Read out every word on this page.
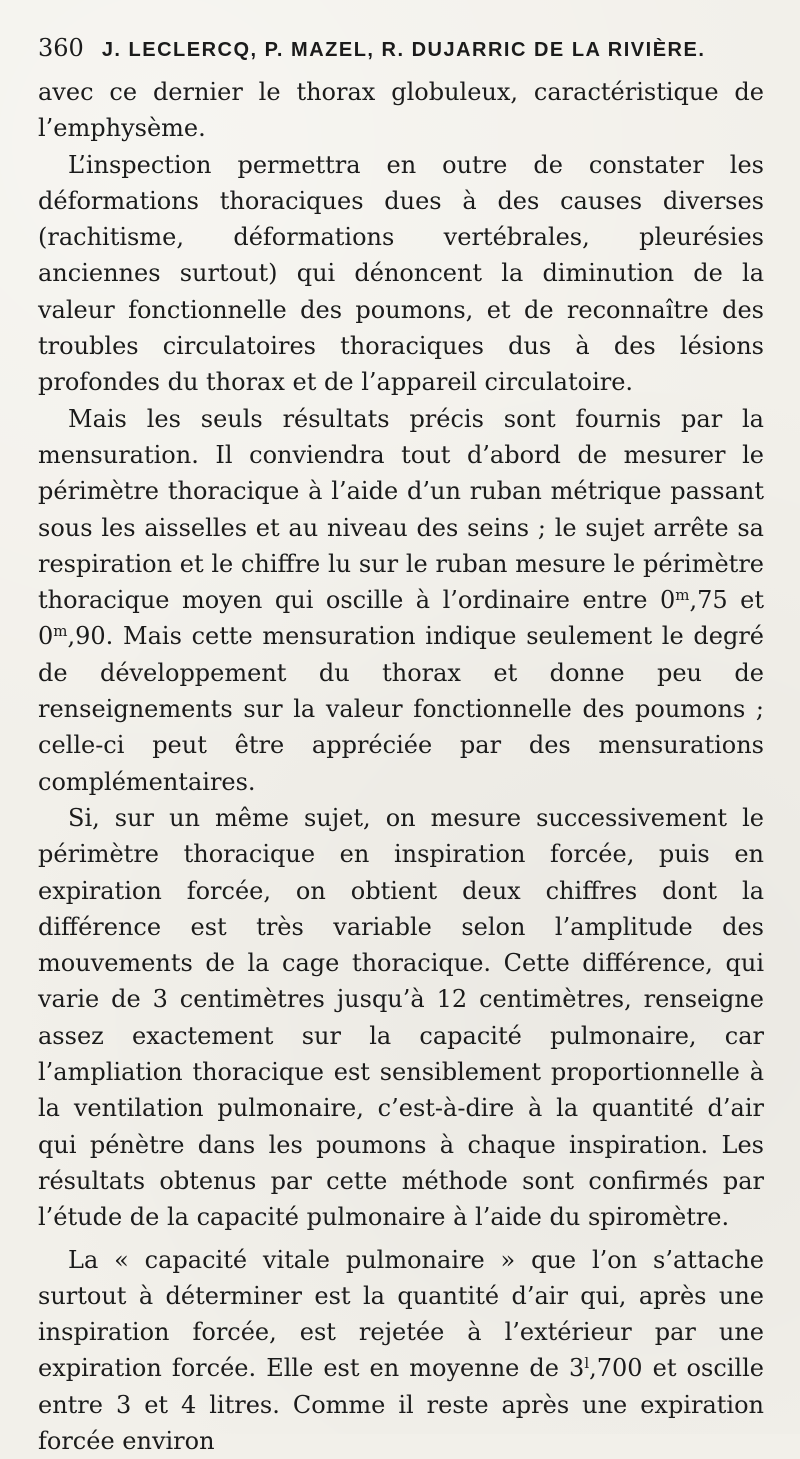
360 J. LECLERCQ, P. MAZEL, R. DUJARRIC DE LA RIVIÈRE.

avec ce dernier le thorax globuleux, caractéristique de l’emphysème.

L’inspection permettra en outre de constater les déformations thoraciques dues à des causes diverses (rachitisme, déformations vertébrales, pleurésies anciennes surtout) qui dénoncent la diminution de la valeur fonctionnelle des poumons, et de reconnaître des troubles circulatoires thoraciques dus à des lésions profondes du thorax et de l’appareil circulatoire.

Mais les seuls résultats précis sont fournis par la mensuration. Il conviendra tout d’abord de mesurer le périmètre thoracique à l’aide d’un ruban métrique passant sous les aisselles et au niveau des seins ; le sujet arrête sa respiration et le chiffre lu sur le ruban mesure le périmètre thoracique moyen qui oscille à l’ordinaire entre 0$^m$,75 et 0$^m$,90. Mais cette mensuration indique seulement le degré de développement du thorax et donne peu de renseignements sur la valeur fonctionnelle des poumons ; celle-ci peut être appréciée par des mensurations complémentaires.

Si, sur un même sujet, on mesure successivement le périmètre thoracique en inspiration forcée, puis en expiration forcée, on obtient deux chiffres dont la différence est très variable selon l’amplitude des mouvements de la cage thoracique. Cette différence, qui varie de 3 centimètres jusqu’à 12 centimètres, renseigne assez exactement sur la capacité pulmonaire, car l’ampliation thoracique est sensiblement proportionnelle à la ventilation pulmonaire, c’est-à-dire à la quantité d’air qui pénètre dans les poumons à chaque inspiration. Les résultats obtenus par cette méthode sont confirmés par l’étude de la capacité pulmonaire à l’aide du spiromètre.

La « capacité vitale pulmonaire » que l’on s’attache surtout à déterminer est la quantité d’air qui, après une inspiration forcée, est rejetée à l’extérieur par une expiration forcée. Elle est en moyenne de 3$^l$,700 et oscille entre 3 et 4 litres. Comme il reste après une expiration forcée environ
